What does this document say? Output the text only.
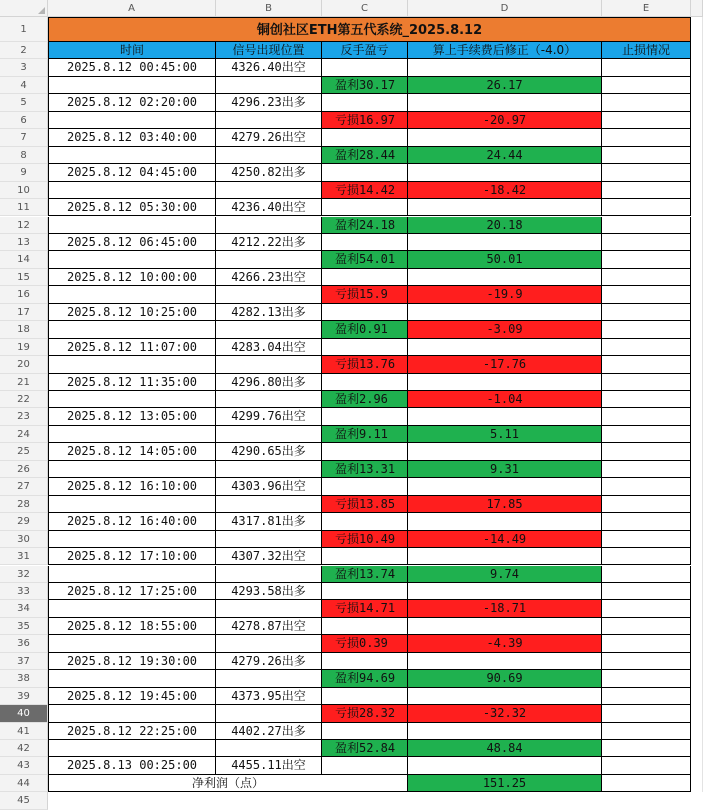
A	B	C	D	E
1
2
3
4
5
6
7
8
9
10
11
12
13
14
15
16
17
18
19
20
21
22
23
24
25
26
27
28
29
30
31
32
33
34
35
36
37
38
39
40
41
42
43
44
45
铜创社区ETH第五代系统_2025.8.12
时间	信号出现位置	反手盈亏	算上手续费后修正（-4.0）	止损情况
2025.8.12 00:45:00	4326.40出空
盈利30.17	26.17
2025.8.12 02:20:00	4296.23出多
亏损16.97	-20.97
2025.8.12 03:40:00	4279.26出空
盈利28.44	24.44
2025.8.12 04:45:00	4250.82出多
亏损14.42	-18.42
2025.8.12 05:30:00	4236.40出空
盈利24.18	20.18
2025.8.12 06:45:00	4212.22出多
盈利54.01	50.01
2025.8.12 10:00:00	4266.23出空
亏损15.9	-19.9
2025.8.12 10:25:00	4282.13出多
盈利0.91	-3.09
2025.8.12 11:07:00	4283.04出空
亏损13.76	-17.76
2025.8.12 11:35:00	4296.80出多
盈利2.96	-1.04
2025.8.12 13:05:00	4299.76出空
盈利9.11	5.11
2025.8.12 14:05:00	4290.65出多
盈利13.31	9.31
2025.8.12 16:10:00	4303.96出空
亏损13.85	17.85
2025.8.12 16:40:00	4317.81出多
亏损10.49	-14.49
2025.8.12 17:10:00	4307.32出空
盈利13.74	9.74
2025.8.12 17:25:00	4293.58出多
亏损14.71	-18.71
2025.8.12 18:55:00	4278.87出空
亏损0.39	-4.39
2025.8.12 19:30:00	4279.26出多
盈利94.69	90.69
2025.8.12 19:45:00	4373.95出空
亏损28.32	-32.32
2025.8.12 22:25:00	4402.27出多
盈利52.84	48.84
2025.8.13 00:25:00	4455.11出空
净利润（点）	151.25
